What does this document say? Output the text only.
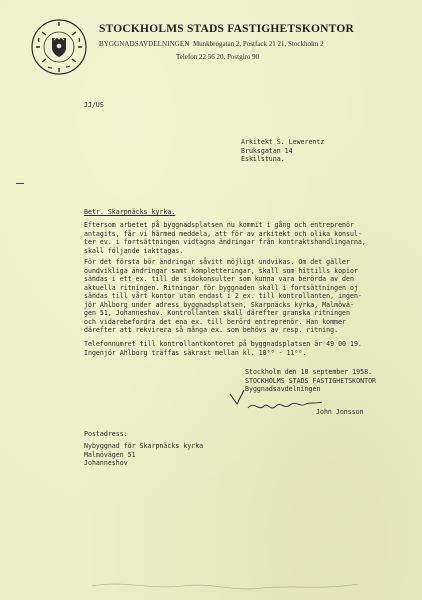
STOCKHOLMS STADS FASTIGHETSKONTOR
BYGGNADSAVDELNINGEN Munkbrogatan 2, Postfack 21 21, Stockholm 2
Telefon 22 56 20, Postgiro 90
JJ/US
Arkitekt S. Lewerentz
Bruksgatan 14
Eskilstuna.
Betr. Skarpnäcks kyrka.
Eftersom arbetet på byggnadsplatsen nu kommit i gång och entreprenör
antagits, får vi härmed meddela, att för av arkitekt och olika konsul-
ter ev. i fortsättningen vidtagna ändringar från kontraktshandlingarna,
skall följande iakttagas.
För det första bör ändringar såvitt möjligt undvikas. Om det gäller
oundvikliga ändringar samt kompletteringar, skall som hittills kopior
sändas i ett ex. till de sidokonsulter som kunna vara berörda av den
aktuella ritningen. Ritningar för byggnaden skall i fortsättningen oj
sändas till vårt kontor utan endast i 2 ex. till kontrollanten, ingen-
jör Ahlborg under adress byggnadsplatsen, Skarpnäcks kyrka, Malmövä-
gen 51, Johanneshov. Kontrollanten skall därefter granska ritningen
och vidarebefordra det ena ex. till berörd entreprenör. Han kommer
därefter att rekvirera så många ex. som behövs av resp. ritning.
Telefonnumret till kontrollantkontoret på byggnadsplatsen är 49 00 19.
Ingenjör Ahlborg träffas säkrast mellan kl. 10⁰⁰ - 11⁰⁰.
Stockholm den 10 september 1958.
STOCKHOLMS STADS FASTIGHETSKONTOR
Byggnadsavdelningen
John Jonsson
Postadress:
Nybyggnad för Skarpnäcks kyrka
Malmövägen 51
Johanneshov
